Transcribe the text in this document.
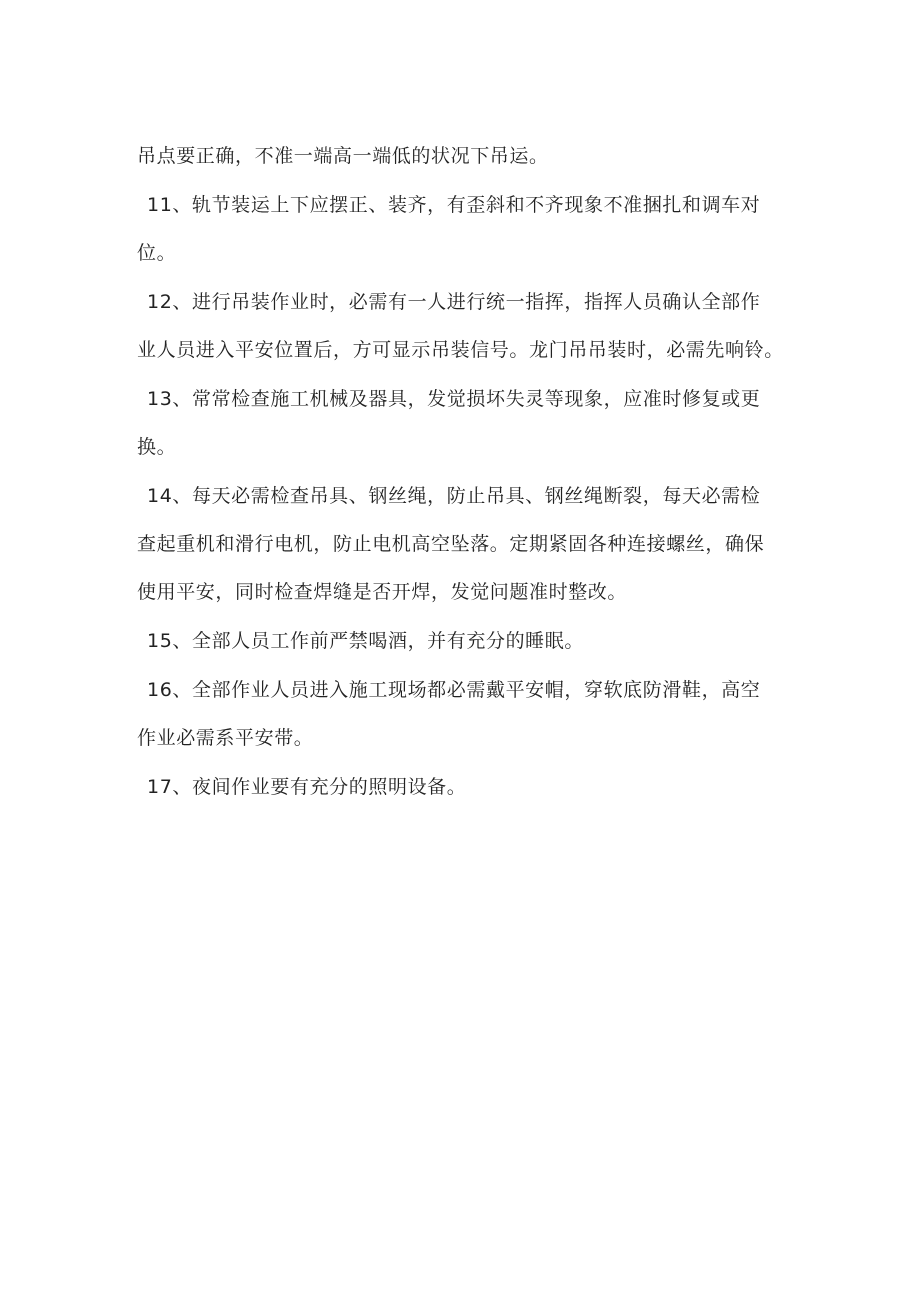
吊点要正确，不准一端高一端低的状况下吊运。
11、轨节装运上下应摆正、装齐，有歪斜和不齐现象不准捆扎和调车对
位。
12、进行吊装作业时，必需有一人进行统一指挥，指挥人员确认全部作
业人员进入平安位置后，方可显示吊装信号。龙门吊吊装时，必需先响铃。
13、常常检查施工机械及器具，发觉损坏失灵等现象，应准时修复或更
换。
14、每天必需检查吊具、钢丝绳，防止吊具、钢丝绳断裂，每天必需检
查起重机和滑行电机，防止电机高空坠落。定期紧固各种连接螺丝，确保
使用平安，同时检查焊缝是否开焊，发觉问题准时整改。
15、全部人员工作前严禁喝酒，并有充分的睡眠。
16、全部作业人员进入施工现场都必需戴平安帽，穿软底防滑鞋，高空
作业必需系平安带。
17、夜间作业要有充分的照明设备。
